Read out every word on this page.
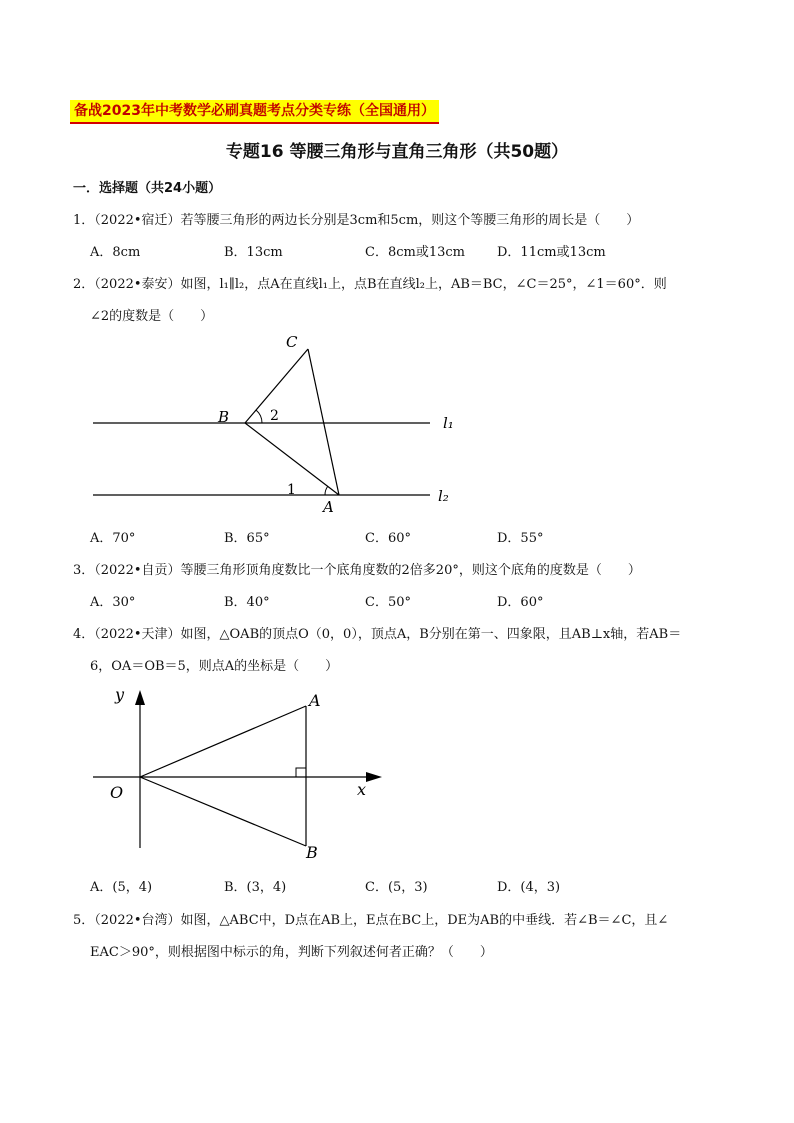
备战2023年中考数学必刷真题考点分类专练（全国通用）
专题16 等腰三角形与直角三角形（共50题）
一．选择题（共24小题）
1．（2022•宿迁）若等腰三角形的两边长分别是3cm和5cm，则这个等腰三角形的周长是（　　）
A．8cm	B．13cm	C．8cm或13cm D．11cm或13cm
2．（2022•泰安）如图，l₁∥l₂，点A在直线l₁上，点B在直线l₂上，AB＝BC，∠C＝25°，∠1＝60°．则
∠2的度数是（　　）
C
B	2
1
A
l₁
l₂
y
x
O
A
B
A．70°	B．65°	C．60°	D．55°
3．（2022•自贡）等腰三角形顶角度数比一个底角度数的2倍多20°，则这个底角的度数是（　　）
A．30°	B．40°	C．50°	D．60°
4．（2022•天津）如图，△OAB的顶点O（0，0），顶点A，B分别在第一、四象限，且AB⊥x轴，若AB＝
6，OA＝OB＝5，则点A的坐标是（　　）
A．(5，4)	B．(3，4)	C．(5，3)	D．(4，3)
5．（2022•台湾）如图，△ABC中，D点在AB上，E点在BC上，DE为AB的中垂线．若∠B＝∠C，且∠
EAC＞90°，则根据图中标示的角，判断下列叙述何者正确？（　　）
